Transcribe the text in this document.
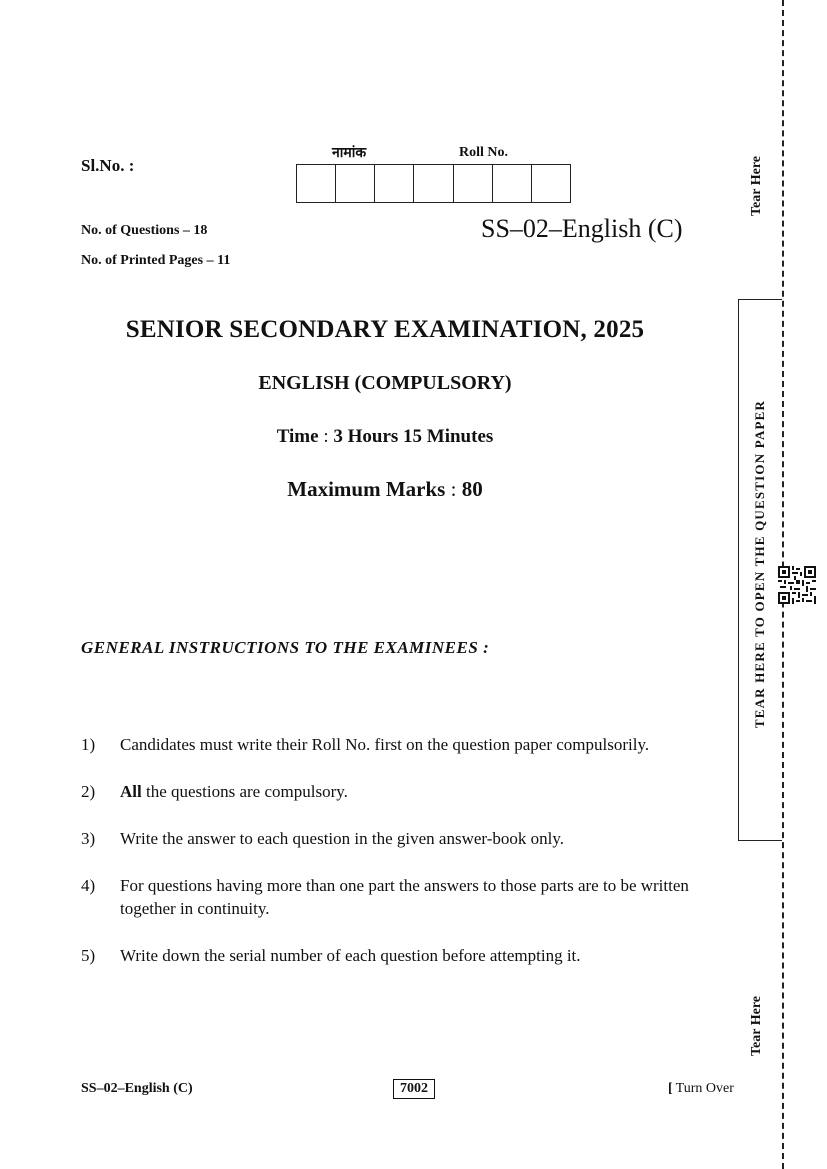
Sl.No. :
नामांक	Roll No.
No. of Questions – 18
No. of Printed Pages – 11
SS–02–English (C)
SENIOR SECONDARY EXAMINATION, 2025
ENGLISH (COMPULSORY)
Time : 3 Hours 15 Minutes
Maximum Marks : 80
GENERAL INSTRUCTIONS TO THE EXAMINEES :
1)	Candidates must write their Roll No. first on the question paper compulsorily.
2)	All the questions are compulsory.
3)	Write the answer to each question in the given answer-book only.
4)	For questions having more than one part the answers to those parts are to be written together in continuity.
5)	Write down the serial number of each question before attempting it.
SS–02–English (C)	7002	[ Turn Over
Tear Here
Tear Here
TEAR HERE TO OPEN THE QUESTION PAPER
